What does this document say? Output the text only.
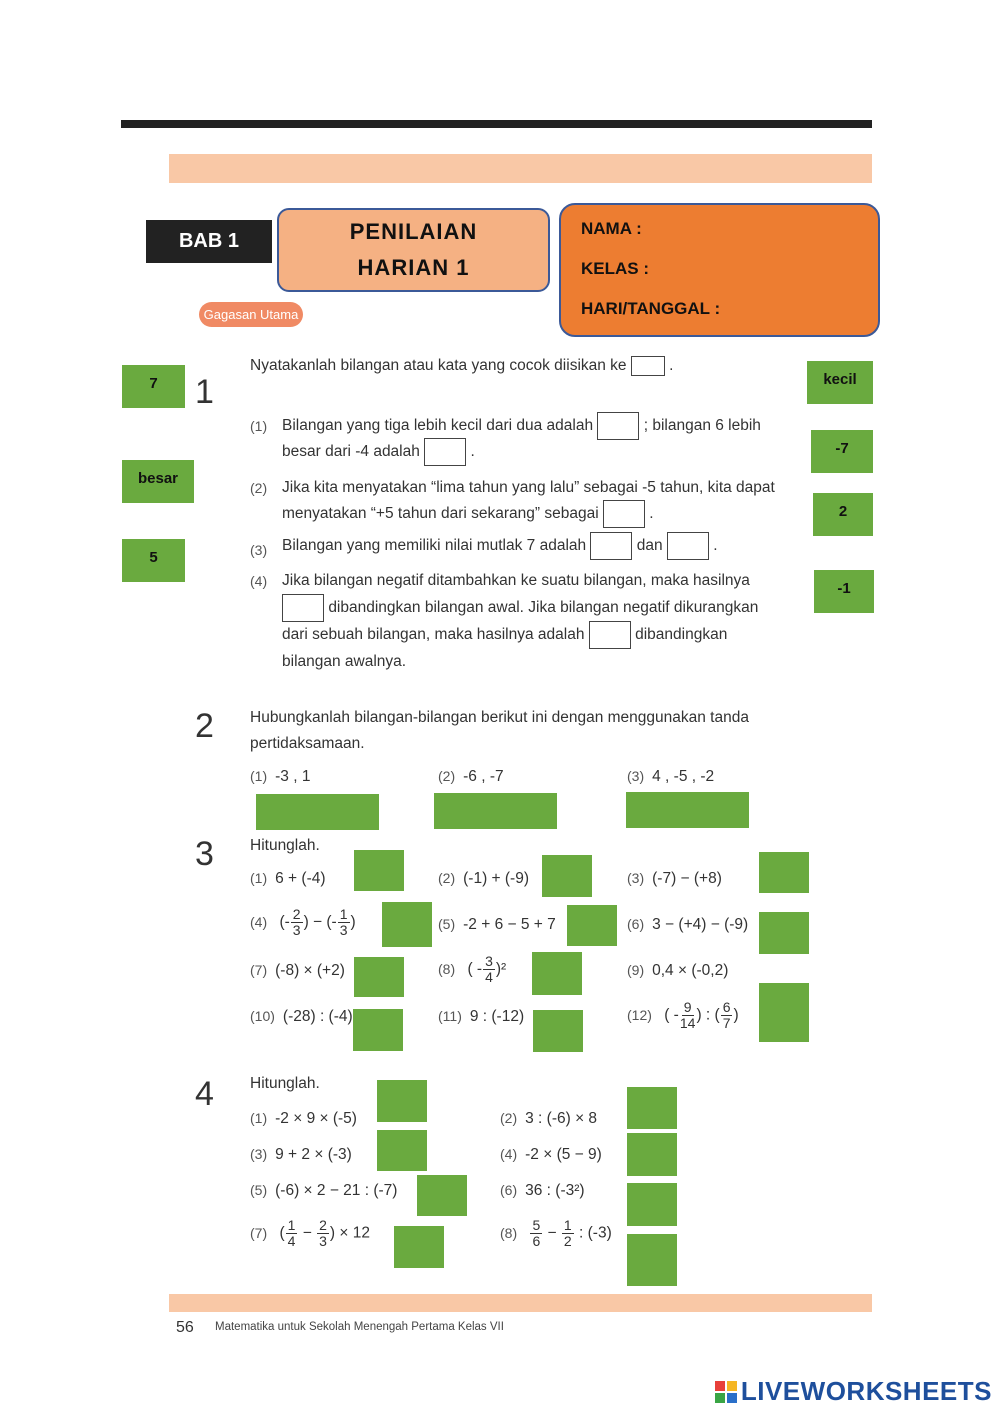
BAB 1	PENILAIAN
HARIAN 1
NAMA :
KELAS :
HARI/TANGGAL :
Gagasan Utama
7
besar
5
kecil
-7
2
-1
1
Nyatakanlah bilangan atau kata yang cocok diisikan ke  .
(1) Bilangan yang tiga lebih kecil dari dua adalah	; bilangan 6 lebih
besar dari -4 adalah	.
(2) Jika kita menyatakan “lima tahun yang lalu” sebagai -5 tahun, kita dapat
menyatakan “+5 tahun dari sekarang” sebagai	.
(3) Bilangan yang memiliki nilai mutlak 7 adalah	dan	.
(4) Jika bilangan negatif ditambahkan ke suatu bilangan, maka hasilnya
dibandingkan bilangan awal. Jika bilangan negatif dikurangkan
dari sebuah bilangan, maka hasilnya adalah	dibandingkan
bilangan awalnya.
2 Hubungkanlah bilangan-bilangan berikut ini dengan menggunakan tanda
pertidaksamaan.
(1) -3 , 1	(2) -6 , -7	(3) 4 , -5 , -2
3 Hitunglah.
(1) 6 + (-4)	(2) (-1) + (-9)	(3) (-7) − (+8)
(4) (- $\frac{2}{3}$ ) − (- $\frac{1}{3}$ )	(5) -2 + 6 − 5 + 7	(6) 3 − (+4) − (-9)
(7) (-8) × (+2)	(8) ( - $\frac{3}{4} )^2$	(9) 0,4 × (-0,2)
(10) (-28) : (-4)	(11) 9 : (-12)	(12) ( - $\frac{9}{14}$ ) : ( $\frac{6}{7}$ )
4 Hitunglah.
(1) -2 × 9 × (-5)	(2) 3 : (-6) × 8
(3) 9 + 2 × (-3)	(4) -2 × (5 − 9)
(5) (-6) × 2 − 21 : (-7)	(6) 36 : (-3²)
(7) ( $\frac{1}{4} - \frac{2}{3}$ ) × 12	$(8) \frac{5}{6} - \frac{1}{2}$ : (-3)
56 Matematika untuk Sekolah Menengah Pertama Kelas VII
LIVEWORKSHEETS
